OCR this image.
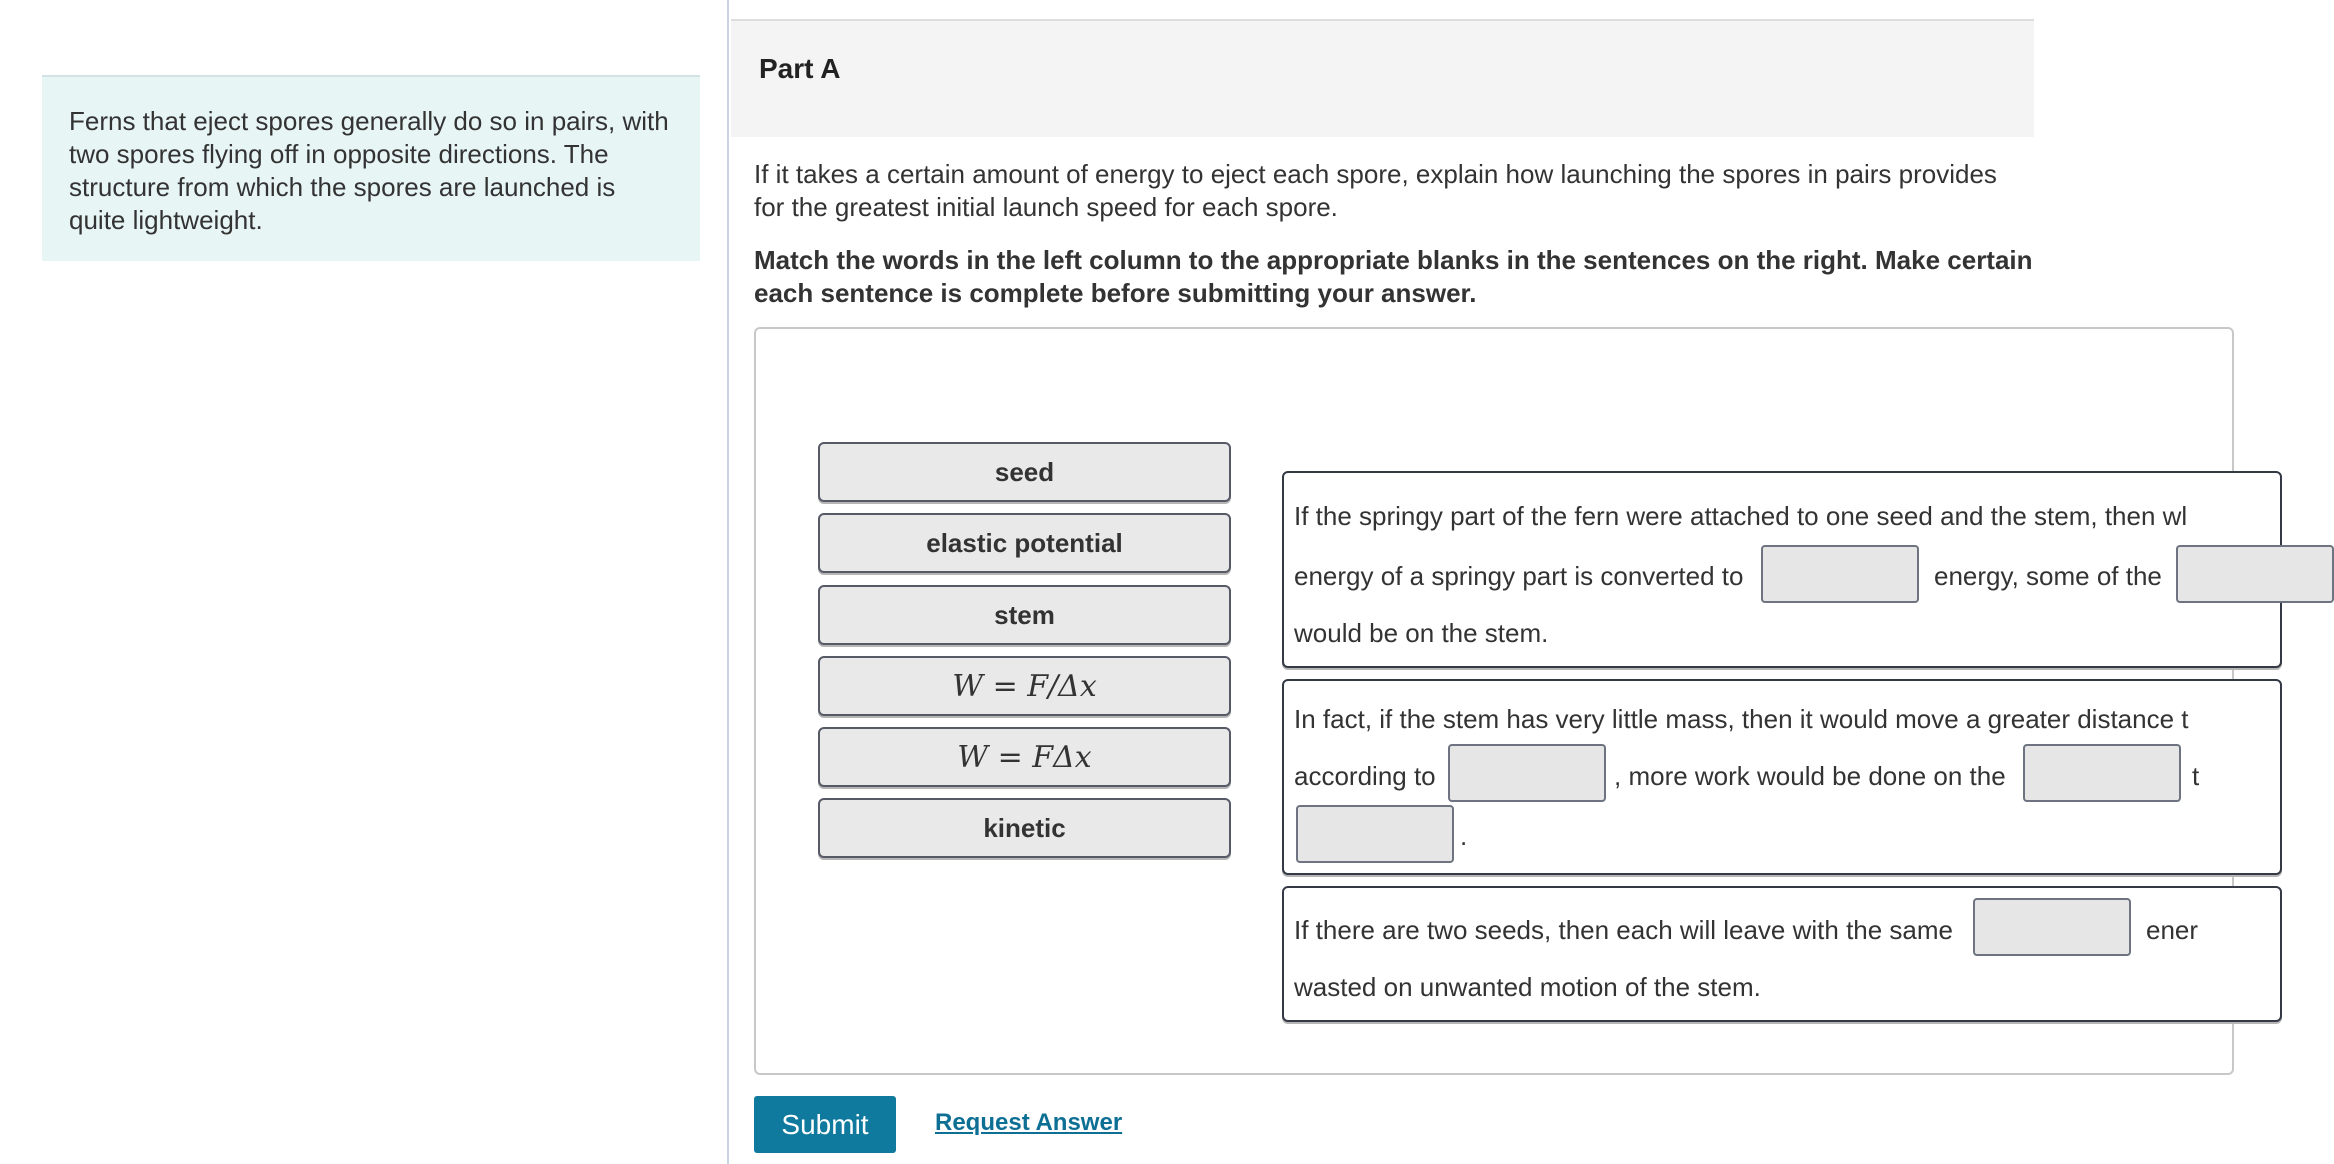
Ferns that eject spores generally do so in pairs, with two spores flying off in opposite directions. The structure from which the spores are launched is quite lightweight.

Part A

If it takes a certain amount of energy to eject each spore, explain how launching the spores in pairs provides for the greatest initial launch speed for each spore.

Match the words in the left column to the appropriate blanks in the sentences on the right. Make certain each sentence is complete before submitting your answer.

seed
elastic potential
stem
W = F/Δx
W = FΔx
kinetic
If the springy part of the fern were attached to one seed and the stem, then wl
energy of a springy part is converted to	energy, some of the
would be on the stem.
In fact, if the stem has very little mass, then it would move a greater distance t
according to	, more work would be done on the	t
.
If there are two seeds, then each will leave with the same	ener
wasted on unwanted motion of the stem.
Submit	Request Answer
